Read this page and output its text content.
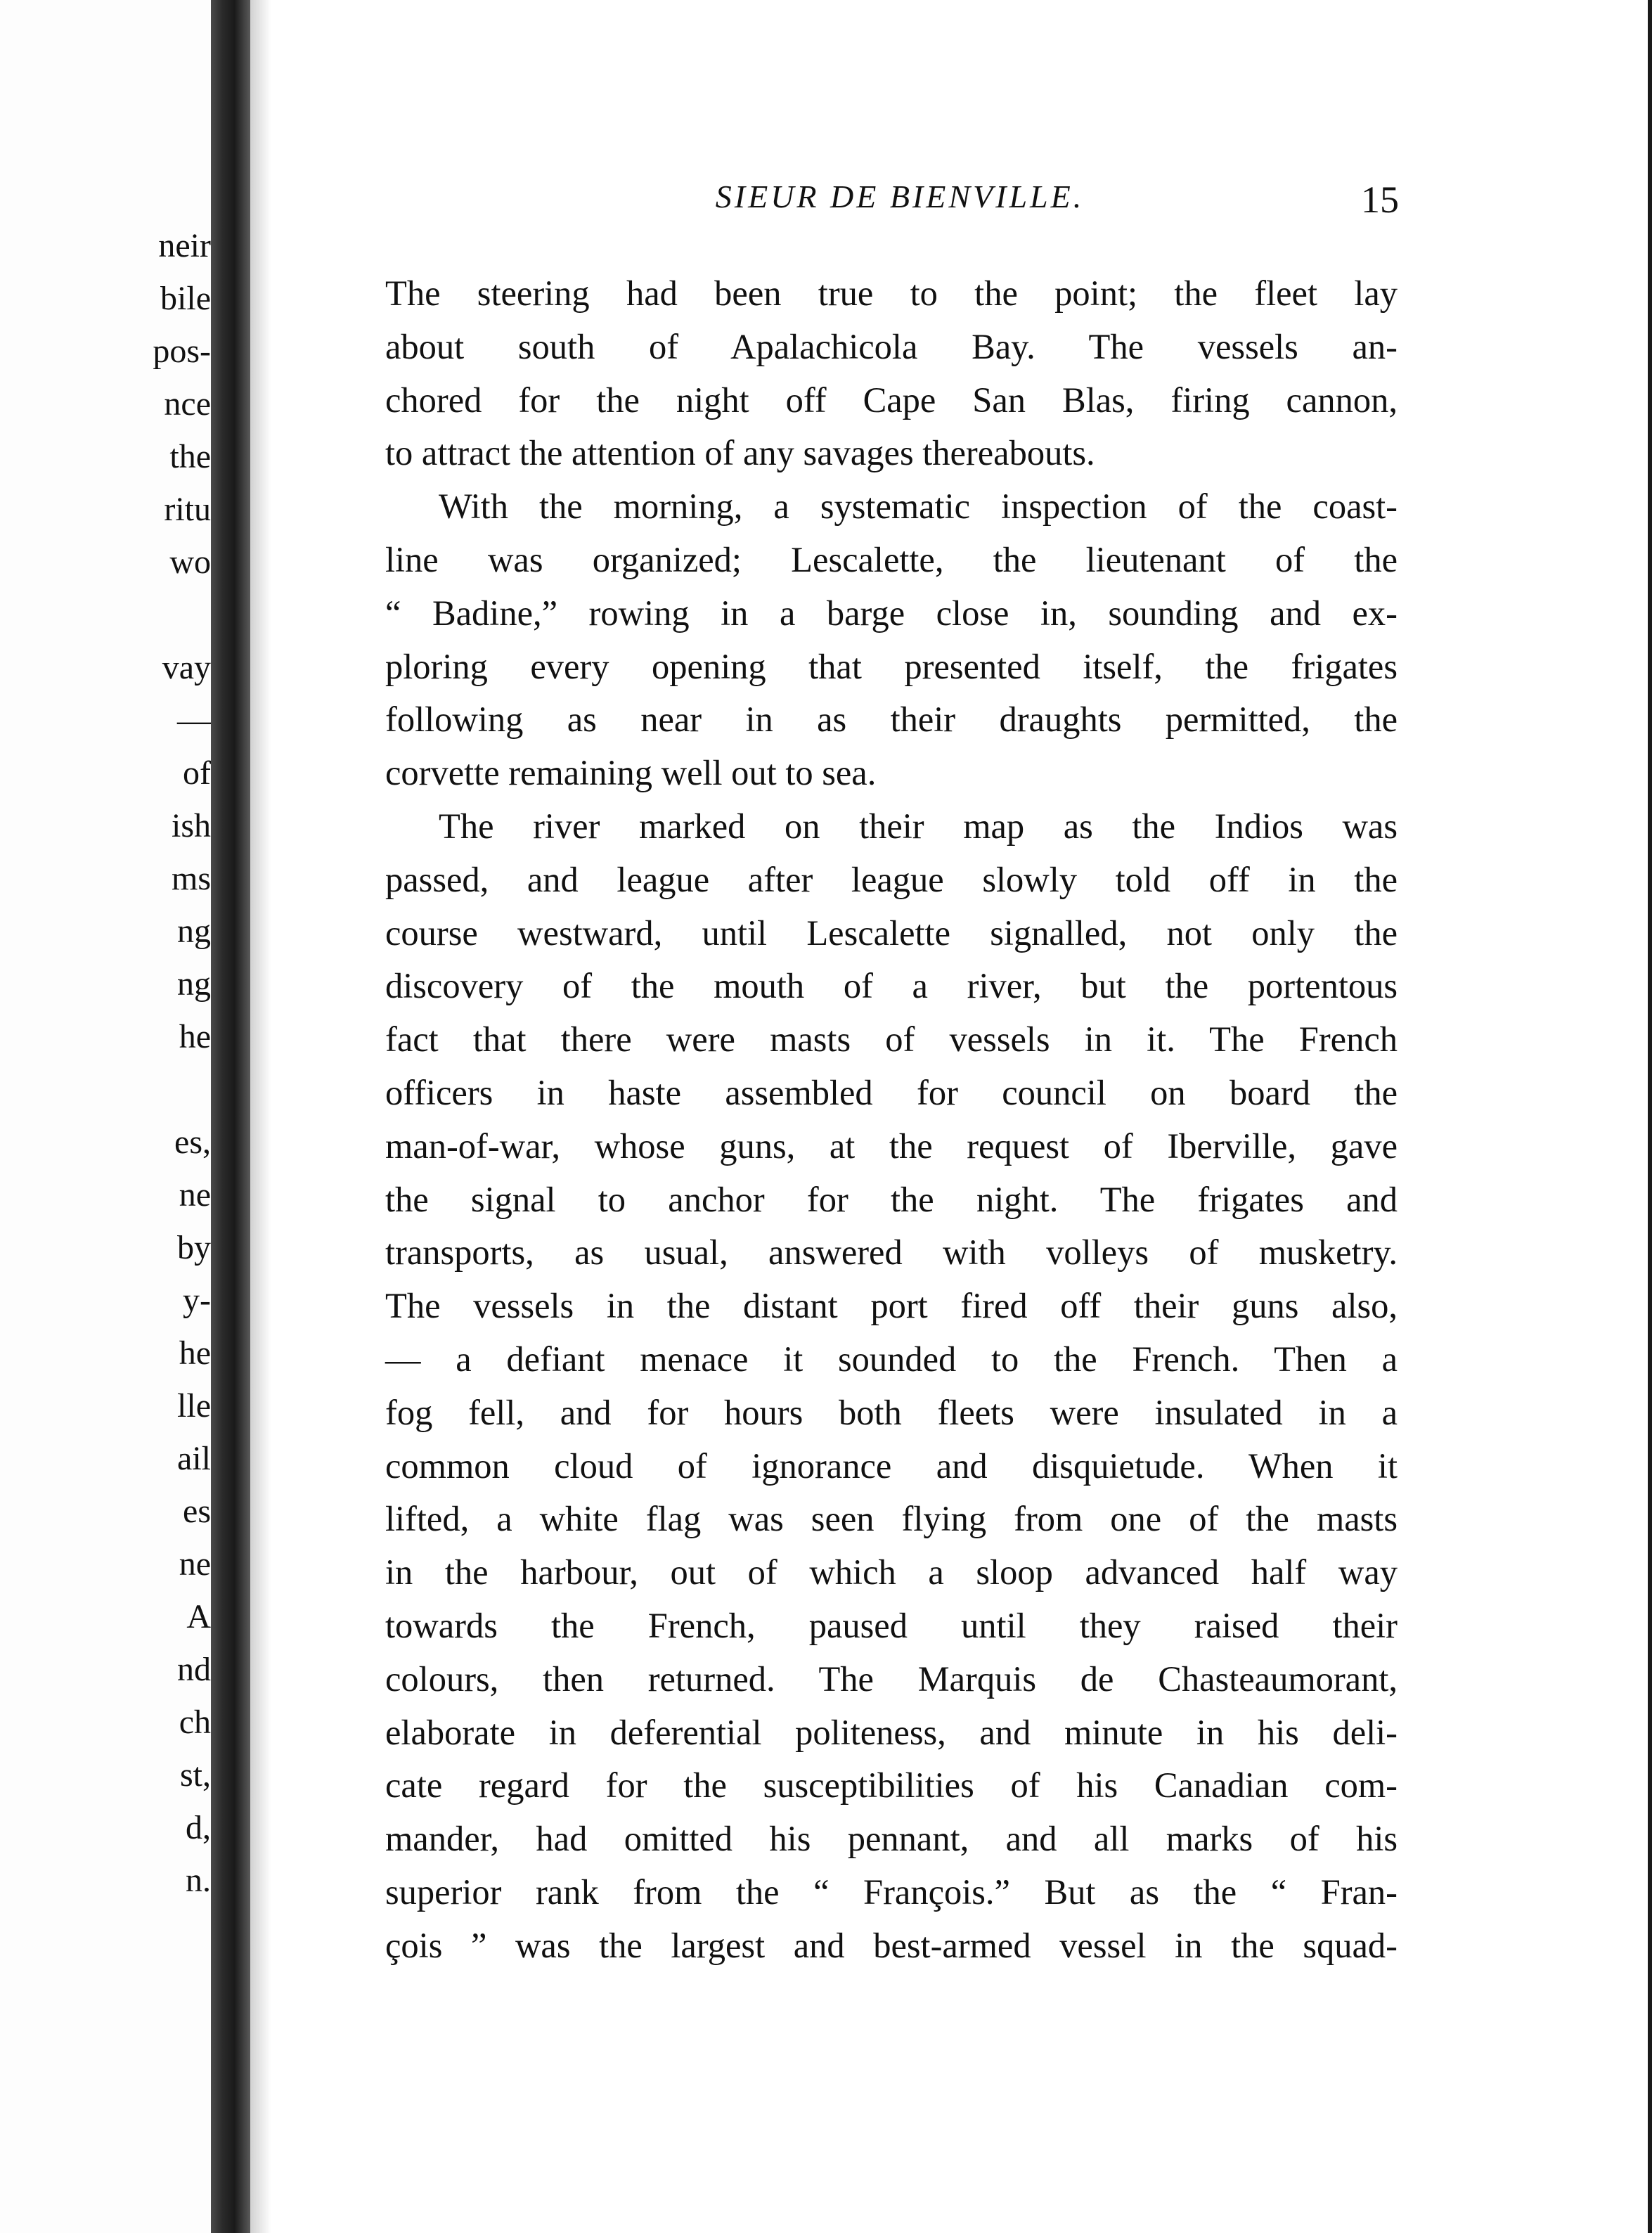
neir
bile
pos-
nce
the
ritu
wo
vay
—
of
ish
ms
ng
ng
he
es,
ne
by
y-
he
lle
ail
es
ne
A
nd
ch
st,
d,
n.
SIEUR DE BIENVILLE.	15
The steering had been true to the point; the fleet lay
about south of Apalachicola Bay. The vessels an-
chored for the night off Cape San Blas, firing cannon,
to attract the attention of any savages thereabouts.
With the morning, a systematic inspection of the coast-
line was organized; Lescalette, the lieutenant of the
“ Badine,” rowing in a barge close in, sounding and ex-
ploring every opening that presented itself, the frigates
following as near in as their draughts permitted, the
corvette remaining well out to sea.
The river marked on their map as the Indios was
passed, and league after league slowly told off in the
course westward, until Lescalette signalled, not only the
discovery of the mouth of a river, but the portentous
fact that there were masts of vessels in it. The French
officers in haste assembled for council on board the
man-of-war, whose guns, at the request of Iberville, gave
the signal to anchor for the night. The frigates and
transports, as usual, answered with volleys of musketry.
The vessels in the distant port fired off their guns also,
— a defiant menace it sounded to the French. Then a
fog fell, and for hours both fleets were insulated in a
common cloud of ignorance and disquietude. When it
lifted, a white flag was seen flying from one of the masts
in the harbour, out of which a sloop advanced half way
towards the French, paused until they raised their
colours, then returned. The Marquis de Chasteaumorant,
elaborate in deferential politeness, and minute in his deli-
cate regard for the susceptibilities of his Canadian com-
mander, had omitted his pennant, and all marks of his
superior rank from the “ François.” But as the “ Fran-
çois ” was the largest and best-armed vessel in the squad-
